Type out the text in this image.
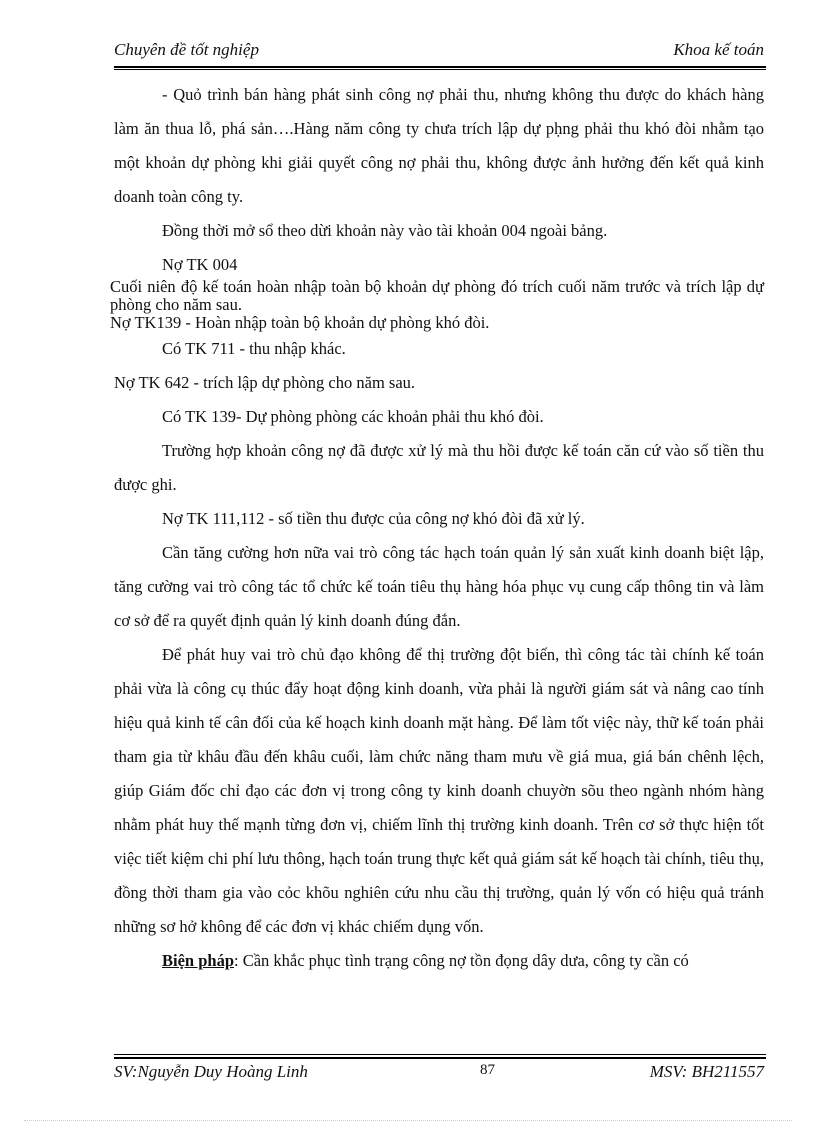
Chuyên đề tốt nghiệp	Khoa kế toán

- Quỏ trình bán hàng phát sinh công nợ phải thu, nhưng không thu được do khách hàng làm ăn thua lỗ, phá sản….Hàng năm công ty chưa trích lập dự pḥng phải thu khó đòi nhằm tạo một khoản dự phòng khi giải quyết công nợ phải thu, không được ảnh hưởng đến kết quả kinh doanh toàn công ty.

Đồng thời mở sổ theo dừi khoản này vào tài khoản 004 ngoài bảng.

Nợ TK 004

Cuối niên độ kế toán hoàn nhập toàn bộ khoản dự phòng đó trích cuối năm trước và trích lập dự phòng cho năm sau.

Nợ TK139 - Hoàn nhập toàn bộ khoản dự phòng khó đòi.

Có TK 711 - thu nhập khác.

Nợ TK 642 - trích lập dự phòng cho năm sau.

Có TK 139- Dự phòng phòng các khoản phải thu khó đòi.

Trường hợp khoản công nợ đã được xử lý mà thu hồi được kế toán căn cứ vào số tiền thu được ghi.

Nợ TK 111,112 - số tiền thu được của công nợ khó đòi đã xử lý.

Cần tăng cường hơn nữa vai trò công tác hạch toán quản lý sản xuất kinh doanh biệt lập, tăng cường vai trò công tác tổ chức kế toán tiêu thụ hàng hóa phục vụ cung cấp thông tin và làm cơ sở để ra quyết định quản lý kinh doanh đúng đắn.

Để phát huy vai trò chủ đạo không để thị trường đột biến, thì công tác tài chính kế toán phải vừa là công cụ thúc đẩy hoạt động kinh doanh, vừa phải là người giám sát và nâng cao tính hiệu quả kinh tế cân đối của kế hoạch kinh doanh mặt hàng. Để làm tốt việc này, thữ kế toán phải tham gia từ khâu đầu đến khâu cuối, làm chức năng tham mưu về giá mua, giá bán chênh lệch, giúp Giám đốc chỉ đạo các đơn vị trong công ty kinh doanh chuyờn sõu theo ngành nhóm hàng nhằm phát huy thế mạnh từng đơn vị, chiếm lĩnh thị trường kinh doanh. Trên cơ sở thực hiện tốt việc tiết kiệm chi phí lưu thông, hạch toán trung thực kết quả giám sát kế hoạch tài chính, tiêu thụ, đồng thời tham gia vào cỏc khõu nghiên cứu nhu cầu thị trường, quản lý vốn có hiệu quả tránh những sơ hở không để các đơn vị khác chiếm dụng vốn.

Biện pháp: Cần khắc phục tình trạng công nợ tồn đọng dây dưa, công ty cần có

SV:Nguyễn Duy Hoàng Linh	87	MSV: BH211557
